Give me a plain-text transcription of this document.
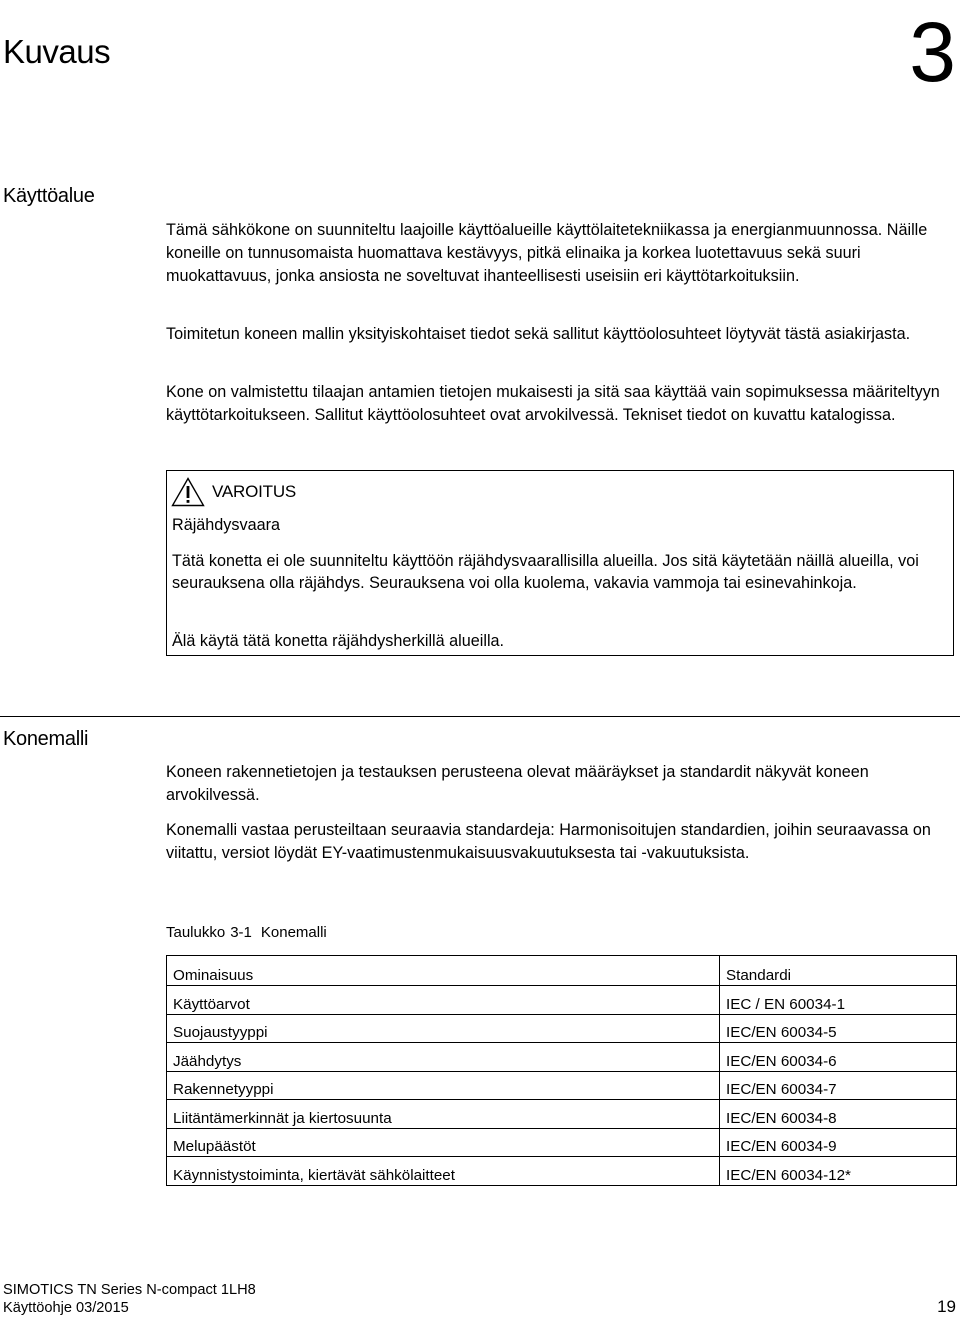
Kuvaus	3
Käyttöalue

Tämä sähkökone on suunniteltu laajoille käyttöalueille käyttölaitetekniikassa ja energianmuunnossa. Näille koneille on tunnusomaista huomattava kestävyys, pitkä elinaika ja korkea luotettavuus sekä suuri muokattavuus, jonka ansiosta ne soveltuvat ihanteellisesti useisiin eri käyttötarkoituksiin.

Toimitetun koneen mallin yksityiskohtaiset tiedot sekä sallitut käyttöolosuhteet löytyvät tästä asiakirjasta.

Kone on valmistettu tilaajan antamien tietojen mukaisesti ja sitä saa käyttää vain sopimuksessa määriteltyyn käyttötarkoitukseen. Sallitut käyttöolosuhteet ovat arvokilvessä. Tekniset tiedot on kuvattu katalogissa.

VAROITUS
Räjähdysvaara

Tätä konetta ei ole suunniteltu käyttöön räjähdysvaarallisilla alueilla. Jos sitä käytetään näillä alueilla, voi seurauksena olla räjähdys. Seurauksena voi olla kuolema, vakavia vammoja tai esinevahinkoja.

Älä käytä tätä konetta räjähdysherkillä alueilla.

Konemalli

Koneen rakennetietojen ja testauksen perusteena olevat määräykset ja standardit näkyvät koneen arvokilvessä.

Konemalli vastaa perusteiltaan seuraavia standardeja: Harmonisoitujen standardien, joihin seuraavassa on viitattu, versiot löydät EY-vaatimustenmukaisuusvakuutuksesta tai -vakuutuksista.

Taulukko 3-1 Konemalli
Ominaisuus	Standardi
Käyttöarvot	IEC / EN 60034-1
Suojaustyyppi	IEC/EN 60034-5
Jäähdytys	IEC/EN 60034-6
Rakennetyyppi	IEC/EN 60034-7
Liitäntämerkinnät ja kiertosuunta	IEC/EN 60034-8
Melupäästöt	IEC/EN 60034-9
Käynnistystoiminta, kiertävät sähkölaitteet	IEC/EN 60034-12*
SIMOTICS TN Series N-compact 1LH8
Käyttöohje 03/2015	19
